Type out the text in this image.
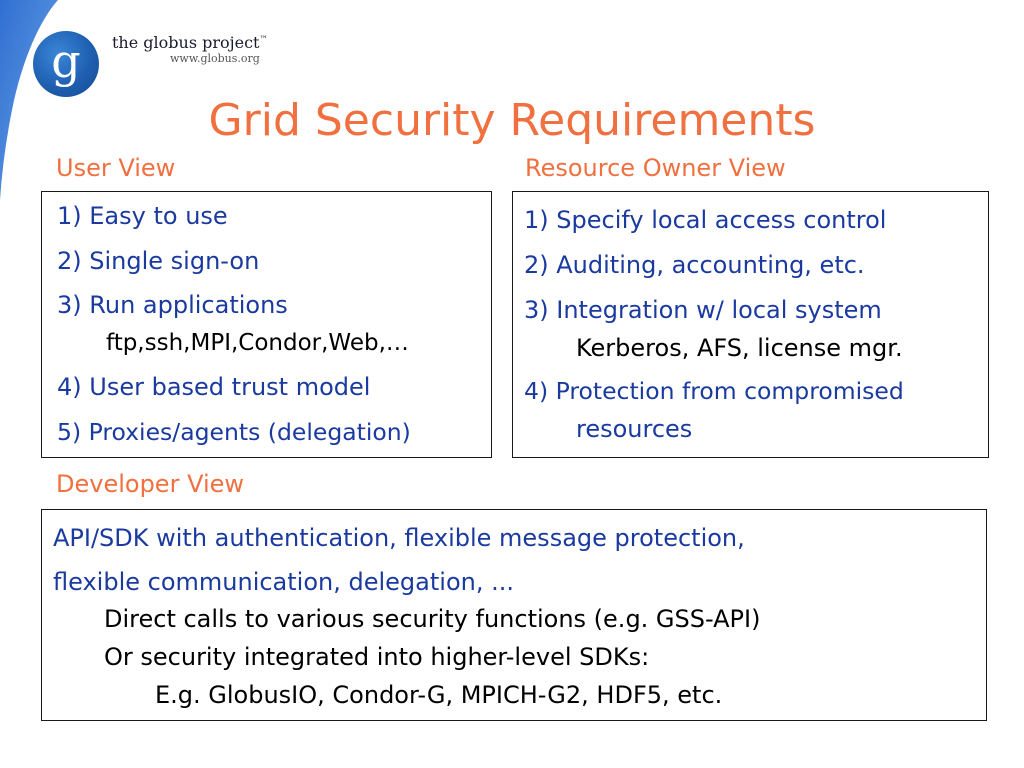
g	the globus project™
www.globus.org
Grid Security Requirements
User View
1) Easy to use
2) Single sign-on
3) Run applications
ftp,ssh,MPI,Condor,Web,…
4) User based trust model
5) Proxies/agents (delegation)
Resource Owner View
1) Specify local access control
2) Auditing, accounting, etc.
3) Integration w/ local system
Kerberos, AFS, license mgr.
4) Protection from compromised
resources
Developer View
API/SDK with authentication, flexible message protection,
flexible communication, delegation, ...
Direct calls to various security functions (e.g. GSS-API)
Or security integrated into higher-level SDKs:
E.g. GlobusIO, Condor-G, MPICH-G2, HDF5, etc.
